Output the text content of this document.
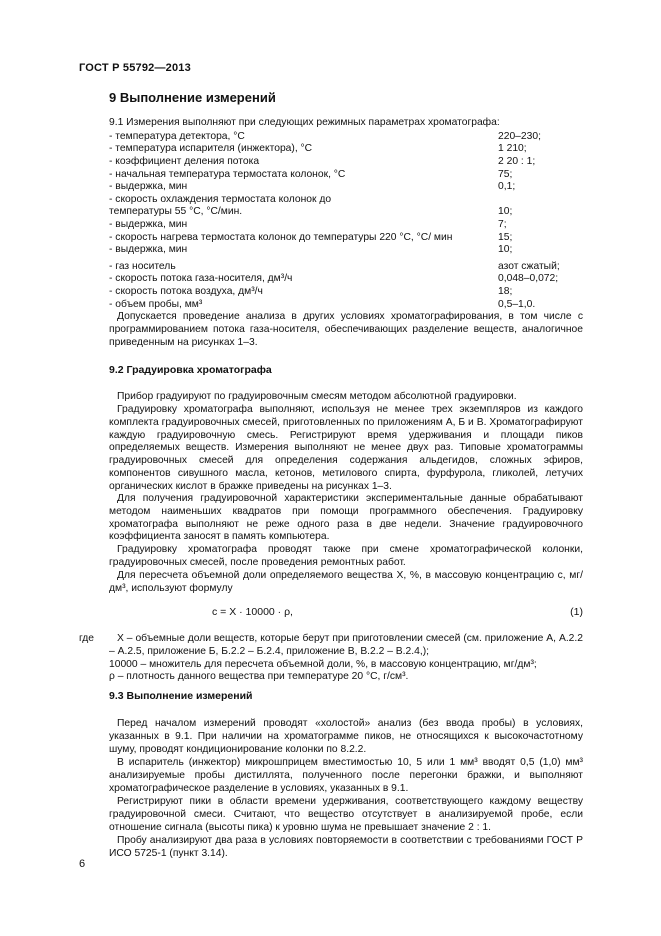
ГОСТ Р 55792—2013
9 Выполнение измерений
9.1 Измерения выполняют при следующих режимных параметрах хроматографа:
- температура детектора, °С	220–230;
- температура испарителя (инжектора), °С	1 210;
- коэффициент деления потока	2 20 : 1;
- начальная температура термостата колонок, °С	75;
- выдержка, мин	0,1;
- скорость охлаждения термостата колонок до
температуры 55 °С, °С/мин.	10;
- выдержка, мин	7;
- скорость нагрева термостата колонок до температуры 220 °С, °С/ мин	15;
- выдержка, мин	10;
- газ носитель	азот сжатый;
- скорость потока газа-носителя, дм³/ч	0,048–0,072;
- скорость потока воздуха, дм³/ч	18;
- объем пробы, мм³	0,5–1,0.
Допускается проведение анализа в других условиях хроматографирования, в том числе с программированием потока газа-носителя, обеспечивающих разделение веществ, аналогичное приведенным на рисунках 1–3.
9.2 Градуировка хроматографа
Прибор градуируют по градуировочным смесям методом абсолютной градуировки.
Градуировку хроматографа выполняют, используя не менее трех экземпляров из каждого комплекта градуировочных смесей, приготовленных по приложениям А, Б и В. Хроматографируют каждую градуировочную смесь. Регистрируют время удерживания и площади пиков определяемых веществ. Измерения выполняют не менее двух раз. Типовые хроматограммы градуировочных смесей для определения содержания альдегидов, сложных эфиров, компонентов сивушного масла, кетонов, метилового спирта, фурфурола, гликолей, летучих органических кислот в бражке приведены на рисунках 1–3.
Для получения градуировочной характеристики экспериментальные данные обрабатывают методом наименьших квадратов при помощи программного обеспечения. Градуировку хроматографа выполняют не реже одного раза в две недели. Значение градуировочного коэффициента заносят в память компьютера.
Градуировку хроматографа проводят также при смене хроматографической колонки, градуировочных смесей, после проведения ремонтных работ.
Для пересчета объемной доли определяемого вещества X, %, в массовую концентрацию c, мг/дм³, используют формулу
c = X · 10000 · ρ,	(1)
где	X – объемные доли веществ, которые берут при приготовлении смесей (см. приложение А, А.2.2 – А.2.5, приложение Б, Б.2.2 – Б.2.4, приложение В, В.2.2 – В.2.4,);
10000 – множитель для пересчета объемной доли, %, в массовую концентрацию, мг/дм³;
ρ – плотность данного вещества при температуре 20 °С, г/см³.
9.3 Выполнение измерений
Перед началом измерений проводят «холостой» анализ (без ввода пробы) в условиях, указанных в 9.1. При наличии на хроматограмме пиков, не относящихся к высокочастотному шуму, проводят кондиционирование колонки по 8.2.2.
В испаритель (инжектор) микрошприцем вместимостью 10, 5 или 1 мм³ вводят 0,5 (1,0) мм³ анализируемые пробы дистиллята, полученного после перегонки бражки, и выполняют хроматографическое разделение в условиях, указанных в 9.1.
Регистрируют пики в области времени удерживания, соответствующего каждому веществу градуировочной смеси. Считают, что вещество отсутствует в анализируемой пробе, если отношение сигнала (высоты пика) к уровню шума не превышает значение 2 : 1.
Пробу анализируют два раза в условиях повторяемости в соответствии с требованиями ГОСТ Р ИСО 5725-1 (пункт 3.14).
6
